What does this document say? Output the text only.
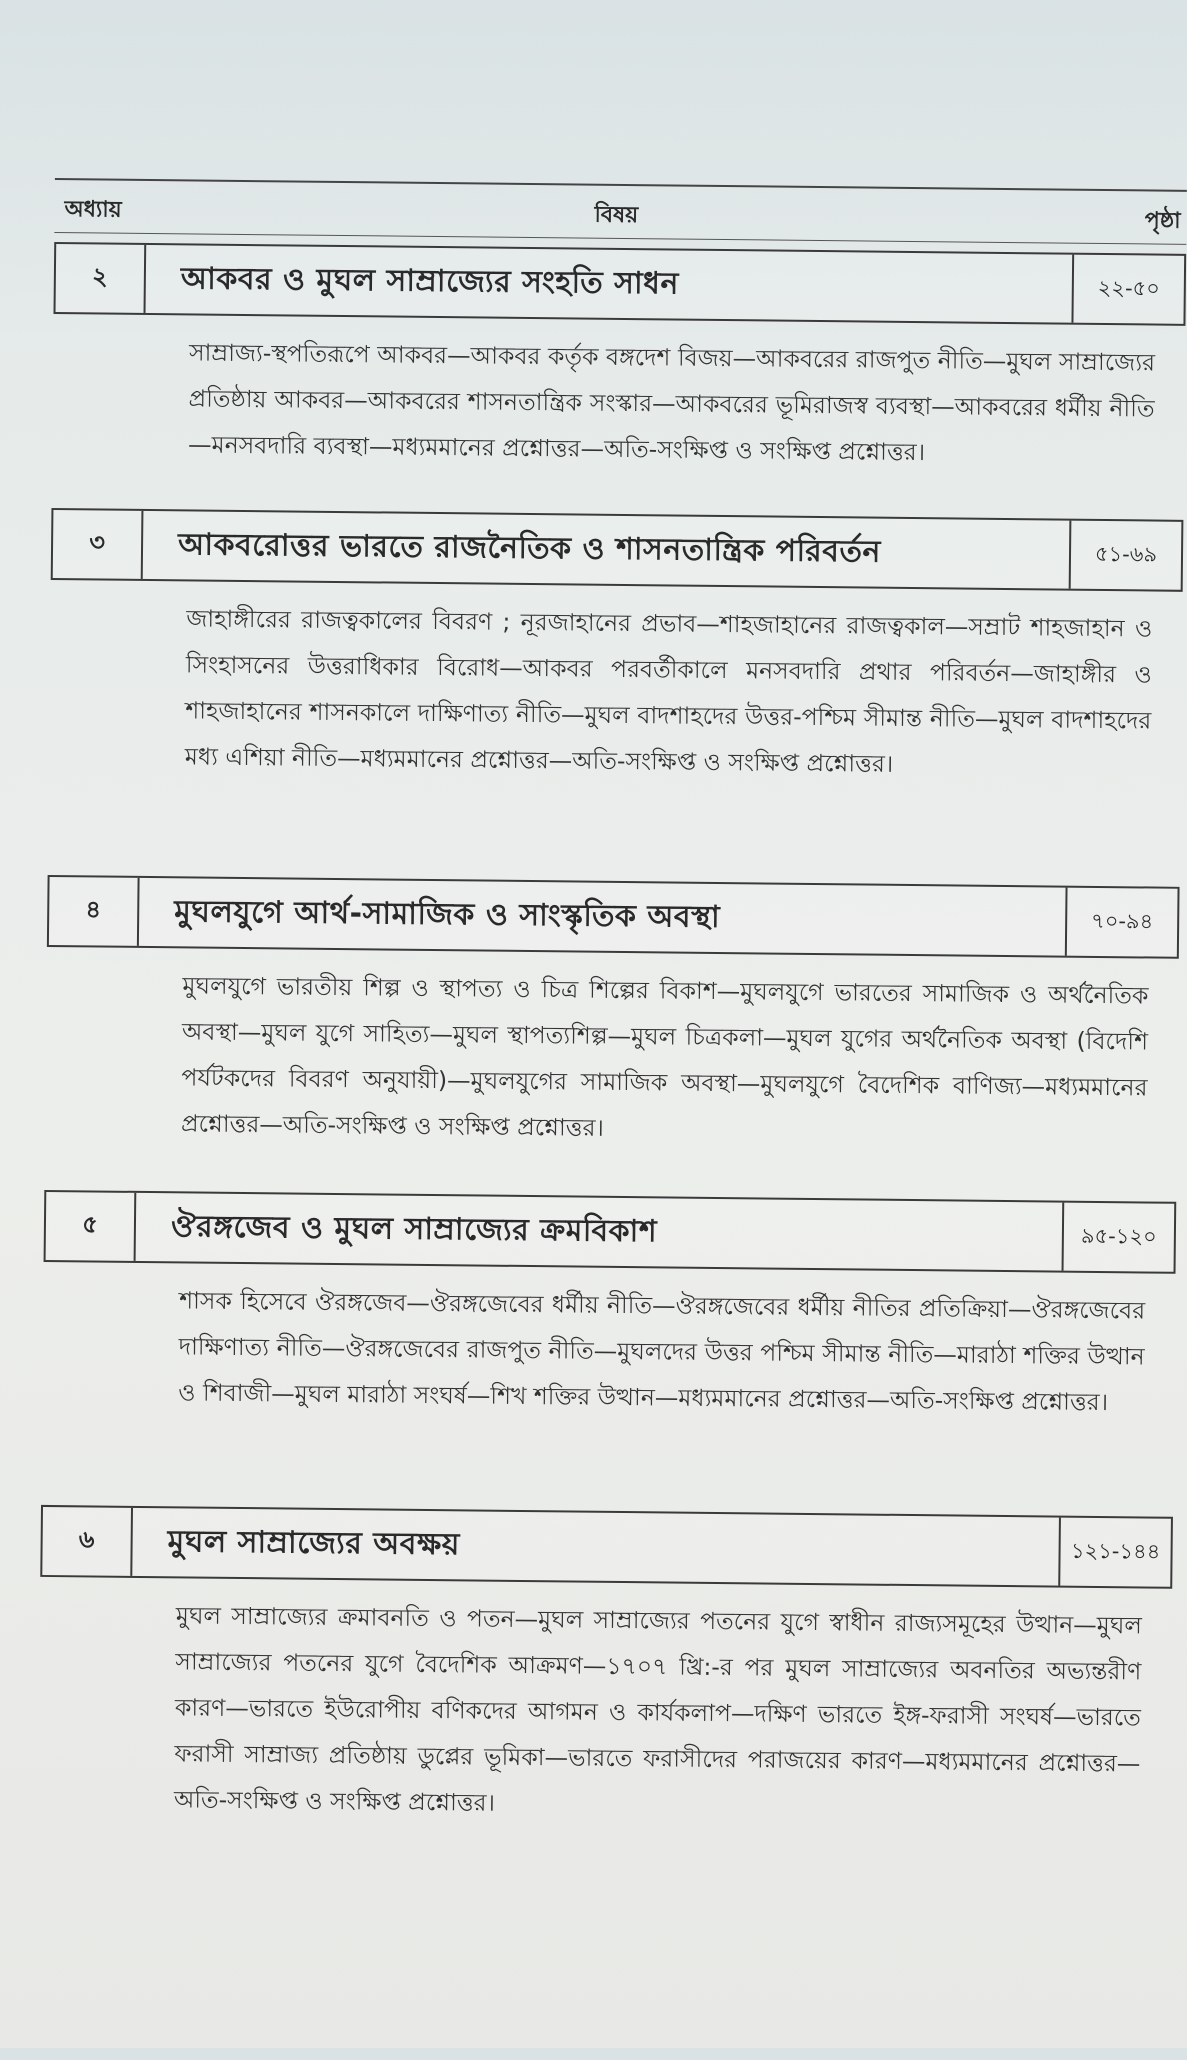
অধ্যায়	বিষয়	পৃষ্ঠা
২	আকবর ও মুঘল সাম্রাজ্যের সংহতি সাধন	২২-৫০
সাম্রাজ্য-স্থপতিরূপে আকবর—আকবর কর্তৃক বঙ্গদেশ বিজয়—আকবরের রাজপুত নীতি—মুঘল সাম্রাজ্যের প্রতিষ্ঠায় আকবর—আকবরের শাসনতান্ত্রিক সংস্কার—আকবরের ভূমিরাজস্ব ব্যবস্থা—আকবরের ধর্মীয় নীতি—মনসবদারি ব্যবস্থা—মধ্যমমানের প্রশ্নোত্তর—অতি-সংক্ষিপ্ত ও সংক্ষিপ্ত প্রশ্নোত্তর।
৩	আকবরোত্তর ভারতে রাজনৈতিক ও শাসনতান্ত্রিক পরিবর্তন	৫১-৬৯
জাহাঙ্গীরের রাজত্বকালের বিবরণ ; নূরজাহানের প্রভাব—শাহজাহানের রাজত্বকাল—সম্রাট শাহজাহান ও সিংহাসনের উত্তরাধিকার বিরোধ—আকবর পরবর্তীকালে মনসবদারি প্রথার পরিবর্তন—জাহাঙ্গীর ও শাহজাহানের শাসনকালে দাক্ষিণাত্য নীতি—মুঘল বাদশাহদের উত্তর-পশ্চিম সীমান্ত নীতি—মুঘল বাদশাহদের মধ্য এশিয়া নীতি—মধ্যমমানের প্রশ্নোত্তর—অতি-সংক্ষিপ্ত ও সংক্ষিপ্ত প্রশ্নোত্তর।
৪	মুঘলযুগে আর্থ-সামাজিক ও সাংস্কৃতিক অবস্থা	৭০-৯৪
মুঘলযুগে ভারতীয় শিল্প ও স্থাপত্য ও চিত্র শিল্পের বিকাশ—মুঘলযুগে ভারতের সামাজিক ও অর্থনৈতিক অবস্থা—মুঘল যুগে সাহিত্য—মুঘল স্থাপত্যশিল্প—মুঘল চিত্রকলা—মুঘল যুগের অর্থনৈতিক অবস্থা (বিদেশি পর্যটকদের বিবরণ অনুযায়ী)—মুঘলযুগের সামাজিক অবস্থা—মুঘলযুগে বৈদেশিক বাণিজ্য—মধ্যমমানের প্রশ্নোত্তর—অতি-সংক্ষিপ্ত ও সংক্ষিপ্ত প্রশ্নোত্তর।
৫	ঔরঙ্গজেব ও মুঘল সাম্রাজ্যের ক্রমবিকাশ	৯৫-১২০
শাসক হিসেবে ঔরঙ্গজেব—ঔরঙ্গজেবের ধর্মীয় নীতি—ঔরঙ্গজেবের ধর্মীয় নীতির প্রতিক্রিয়া—ঔরঙ্গজেবের দাক্ষিণাত্য নীতি—ঔরঙ্গজেবের রাজপুত নীতি—মুঘলদের উত্তর পশ্চিম সীমান্ত নীতি—মারাঠা শক্তির উত্থান ও শিবাজী—মুঘল মারাঠা সংঘর্ষ—শিখ শক্তির উত্থান—মধ্যমমানের প্রশ্নোত্তর—অতি-সংক্ষিপ্ত প্রশ্নোত্তর।
৬	মুঘল সাম্রাজ্যের অবক্ষয়	১২১-১৪৪
মুঘল সাম্রাজ্যের ক্রমাবনতি ও পতন—মুঘল সাম্রাজ্যের পতনের যুগে স্বাধীন রাজ্যসমূহের উত্থান—মুঘল সাম্রাজ্যের পতনের যুগে বৈদেশিক আক্রমণ—১৭০৭ খ্রি:-র পর মুঘল সাম্রাজ্যের অবনতির অভ্যন্তরীণ কারণ—ভারতে ইউরোপীয় বণিকদের আগমন ও কার্যকলাপ—দক্ষিণ ভারতে ইঙ্গ-ফরাসী সংঘর্ষ—ভারতে ফরাসী সাম্রাজ্য প্রতিষ্ঠায় ডুপ্লের ভূমিকা—ভারতে ফরাসীদের পরাজয়ের কারণ—মধ্যমমানের প্রশ্নোত্তর—অতি-সংক্ষিপ্ত ও সংক্ষিপ্ত প্রশ্নোত্তর।
